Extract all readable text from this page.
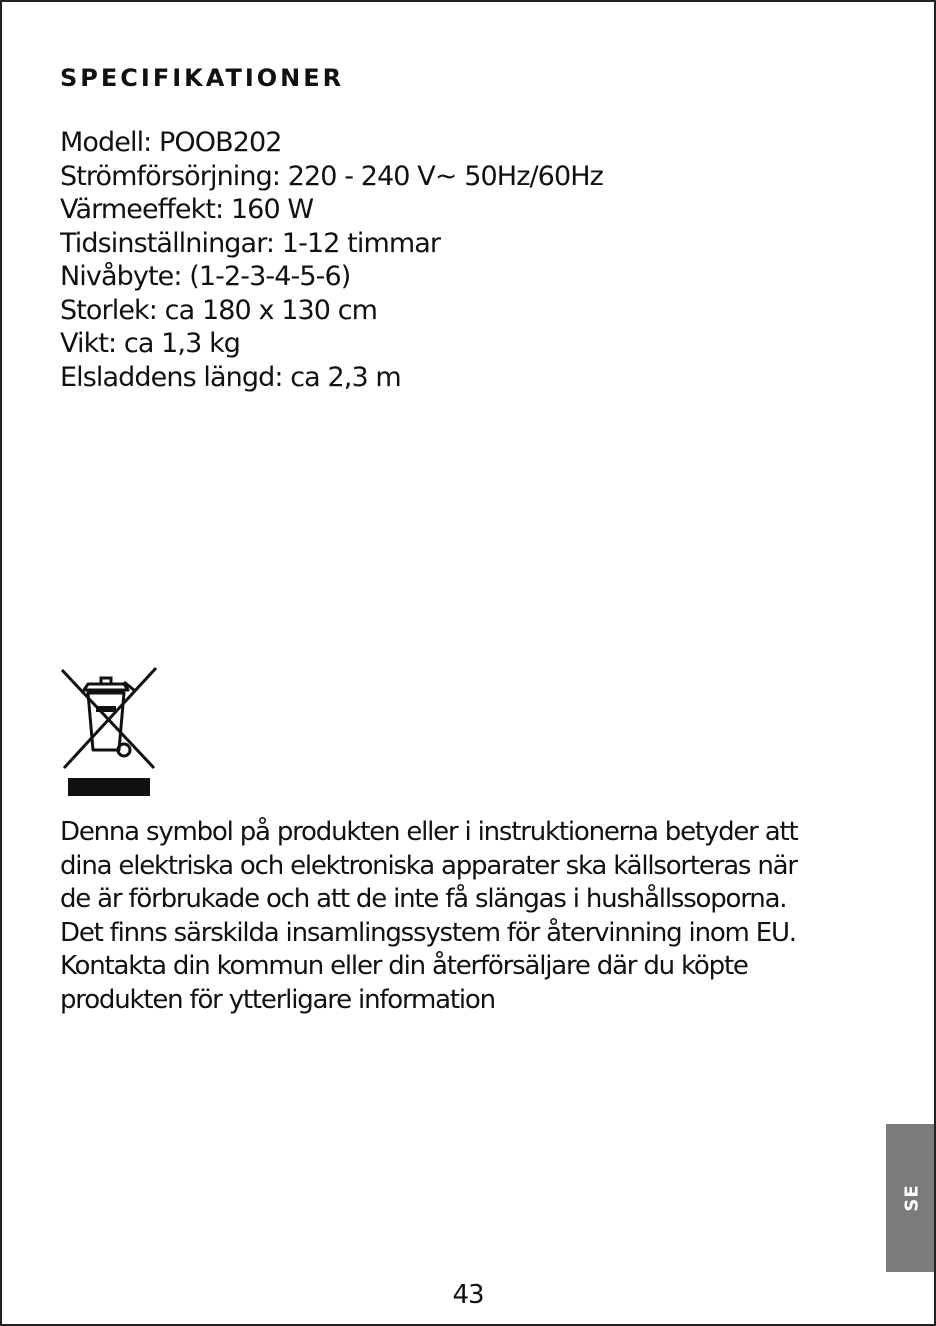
SPECIFIKATIONER
Modell: POOB202
Strömförsörjning: 220 - 240 V~ 50Hz/60Hz
Värmeeffekt: 160 W
Tidsinställningar: 1-12 timmar
Nivåbyte: (1-2-3-4-5-6)
Storlek: ca 180 x 130 cm
Vikt: ca 1,3 kg
Elsladdens längd: ca 2,3 m

Denna symbol på produkten eller i instruktionerna betyder att
dina elektriska och elektroniska apparater ska källsorteras när
de är förbrukade och att de inte få slängas i hushållssoporna.
Det finns särskilda insamlingssystem för återvinning inom EU.
Kontakta din kommun eller din återförsäljare där du köpte
produkten för ytterligare information

SE
43
